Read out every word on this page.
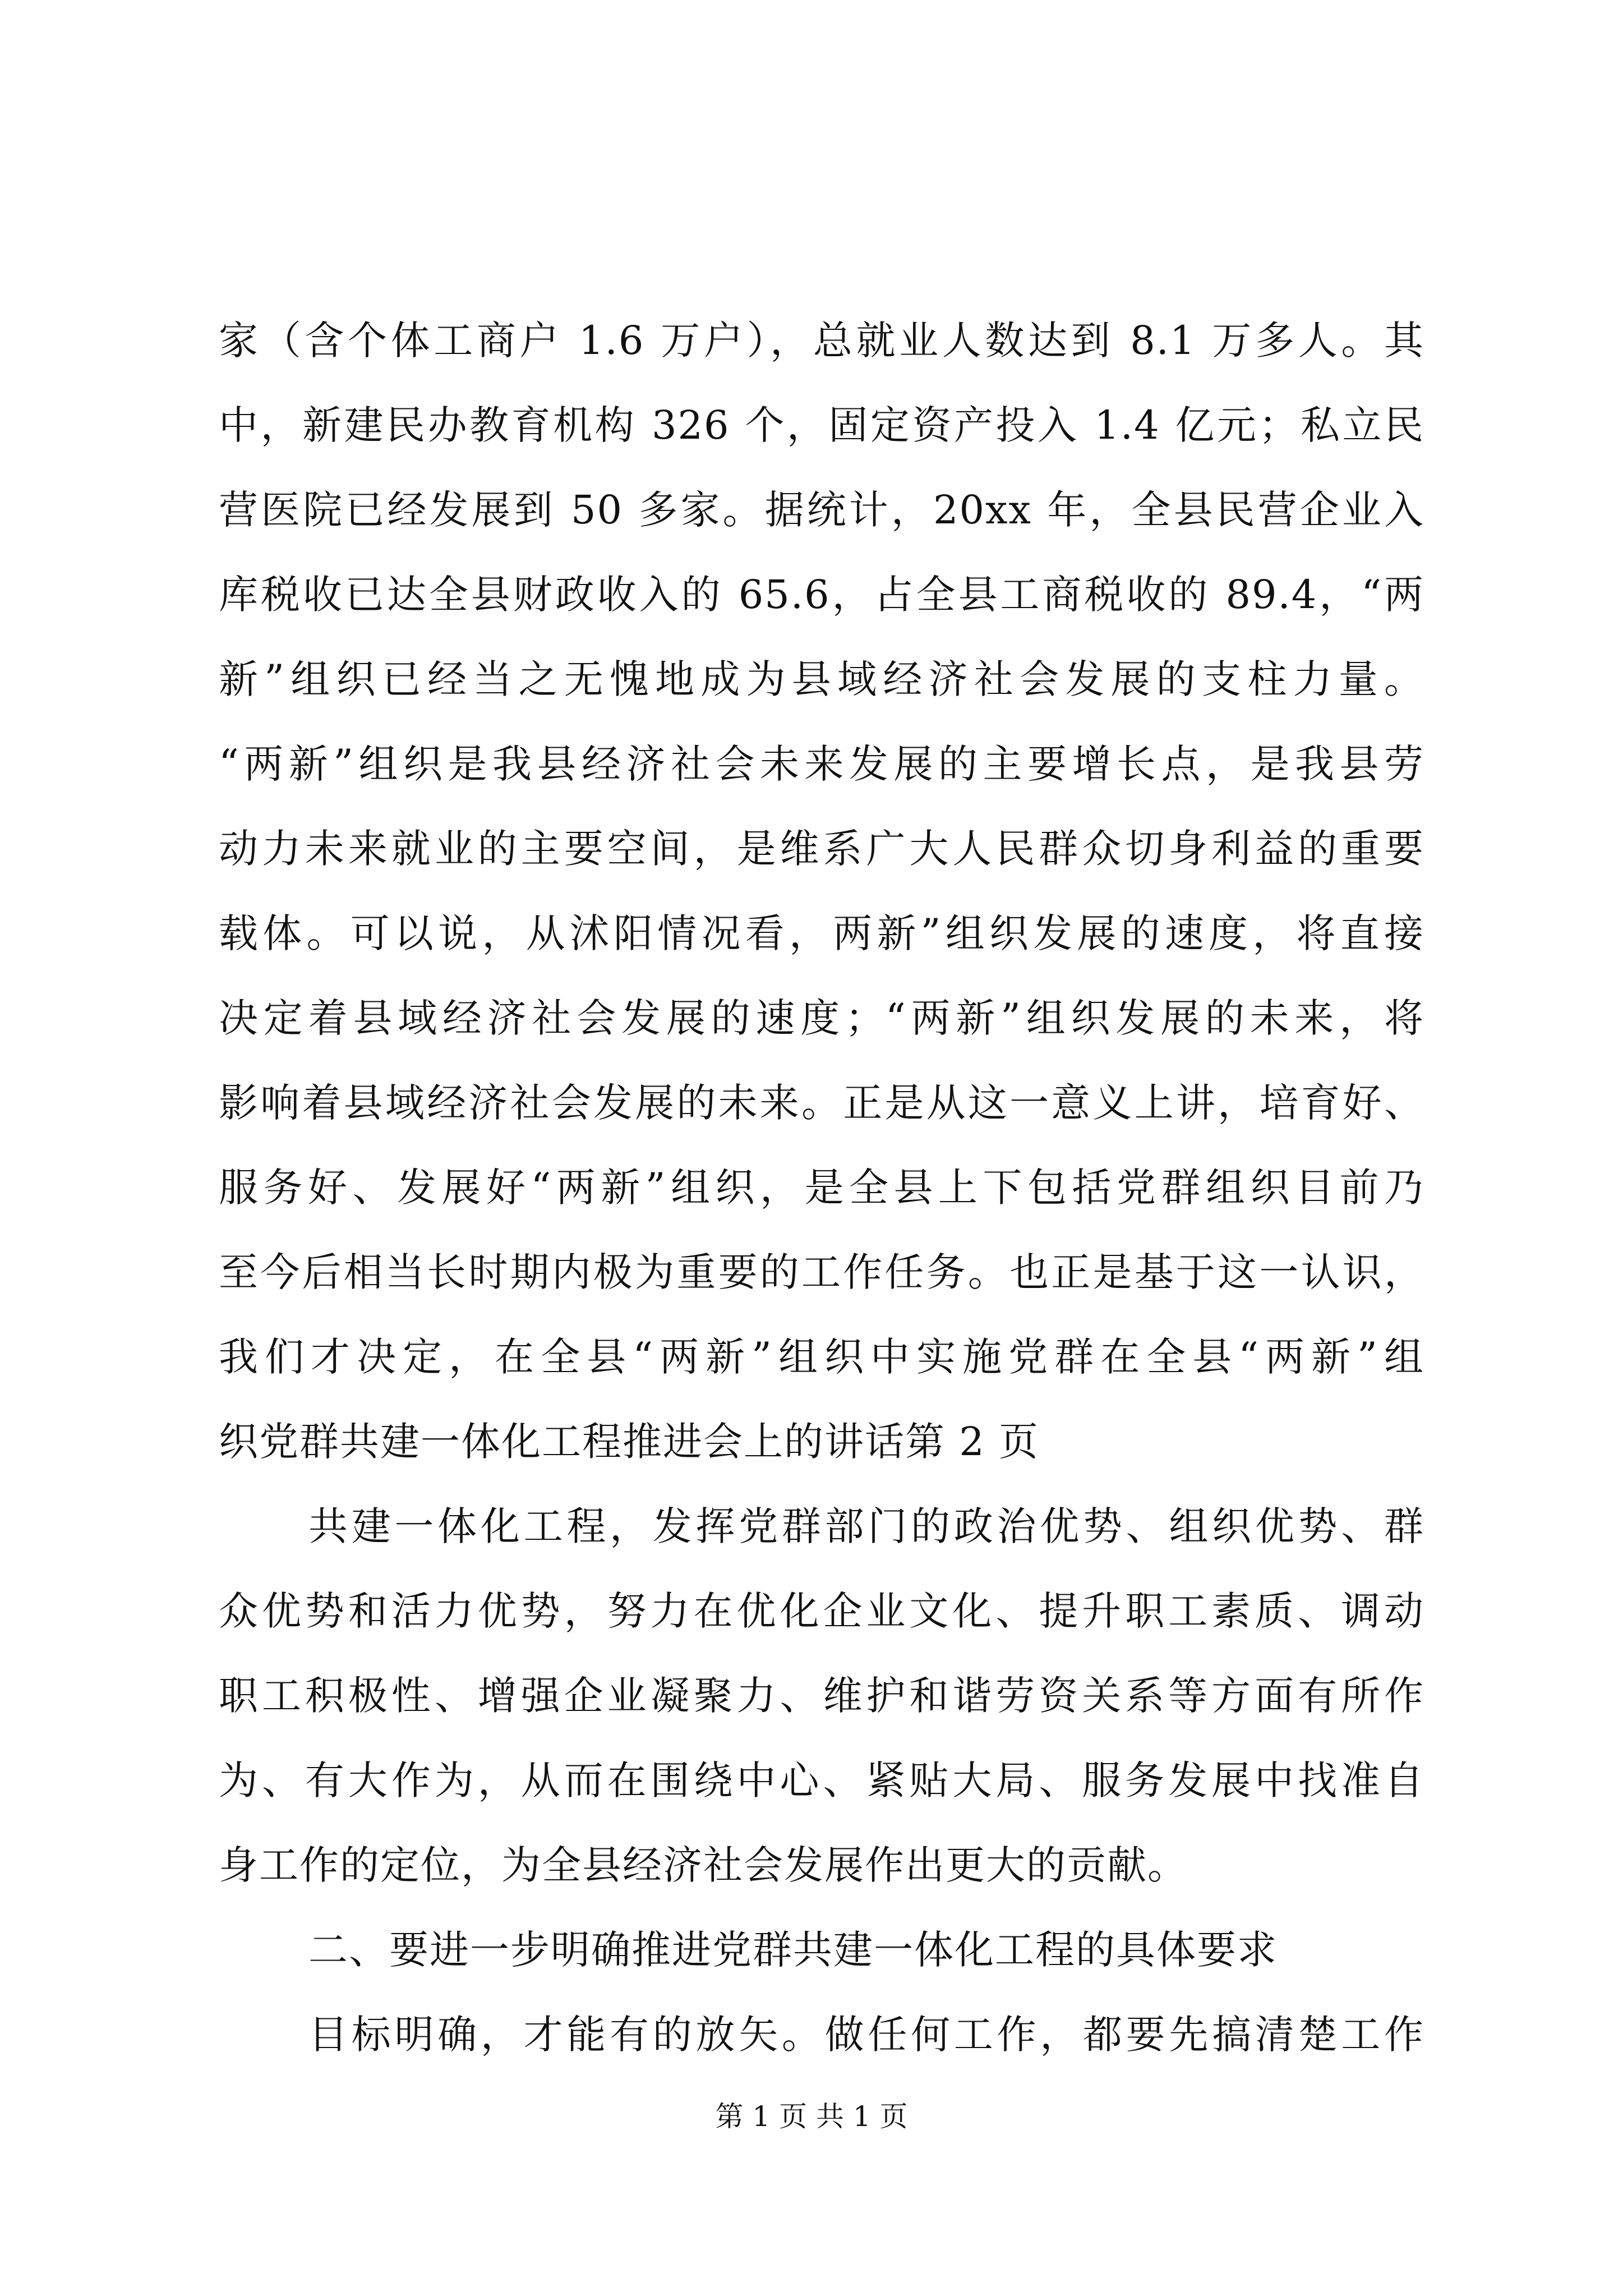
家（含个体工商户 1.6 万户），总就业人数达到 8.1 万多人。其
中，新建民办教育机构 326 个，固定资产投入 1.4 亿元；私立民
营医院已经发展到 50 多家。据统计，20xx 年，全县民营企业入
库税收已达全县财政收入的 65.6，占全县工商税收的 89.4，“两
新”组织已经当之无愧地成为县域经济社会发展的支柱力量。
“两新”组织是我县经济社会未来发展的主要增长点，是我县劳
动力未来就业的主要空间，是维系广大人民群众切身利益的重要
载体。可以说，从沭阳情况看，两新”组织发展的速度，将直接
决定着县域经济社会发展的速度；“两新”组织发展的未来，将
影响着县域经济社会发展的未来。正是从这一意义上讲，培育好、
服务好、发展好“两新”组织，是全县上下包括党群组织目前乃
至今后相当长时期内极为重要的工作任务。也正是基于这一认识，
我们才决定，在全县“两新”组织中实施党群在全县“两新”组
织党群共建一体化工程推进会上的讲话第 2 页
共建一体化工程，发挥党群部门的政治优势、组织优势、群
众优势和活力优势，努力在优化企业文化、提升职工素质、调动
职工积极性、增强企业凝聚力、维护和谐劳资关系等方面有所作
为、有大作为，从而在围绕中心、紧贴大局、服务发展中找准自
身工作的定位，为全县经济社会发展作出更大的贡献。
二、要进一步明确推进党群共建一体化工程的具体要求
目标明确，才能有的放矢。做任何工作，都要先搞清楚工作
第 1 页 共 1 页
